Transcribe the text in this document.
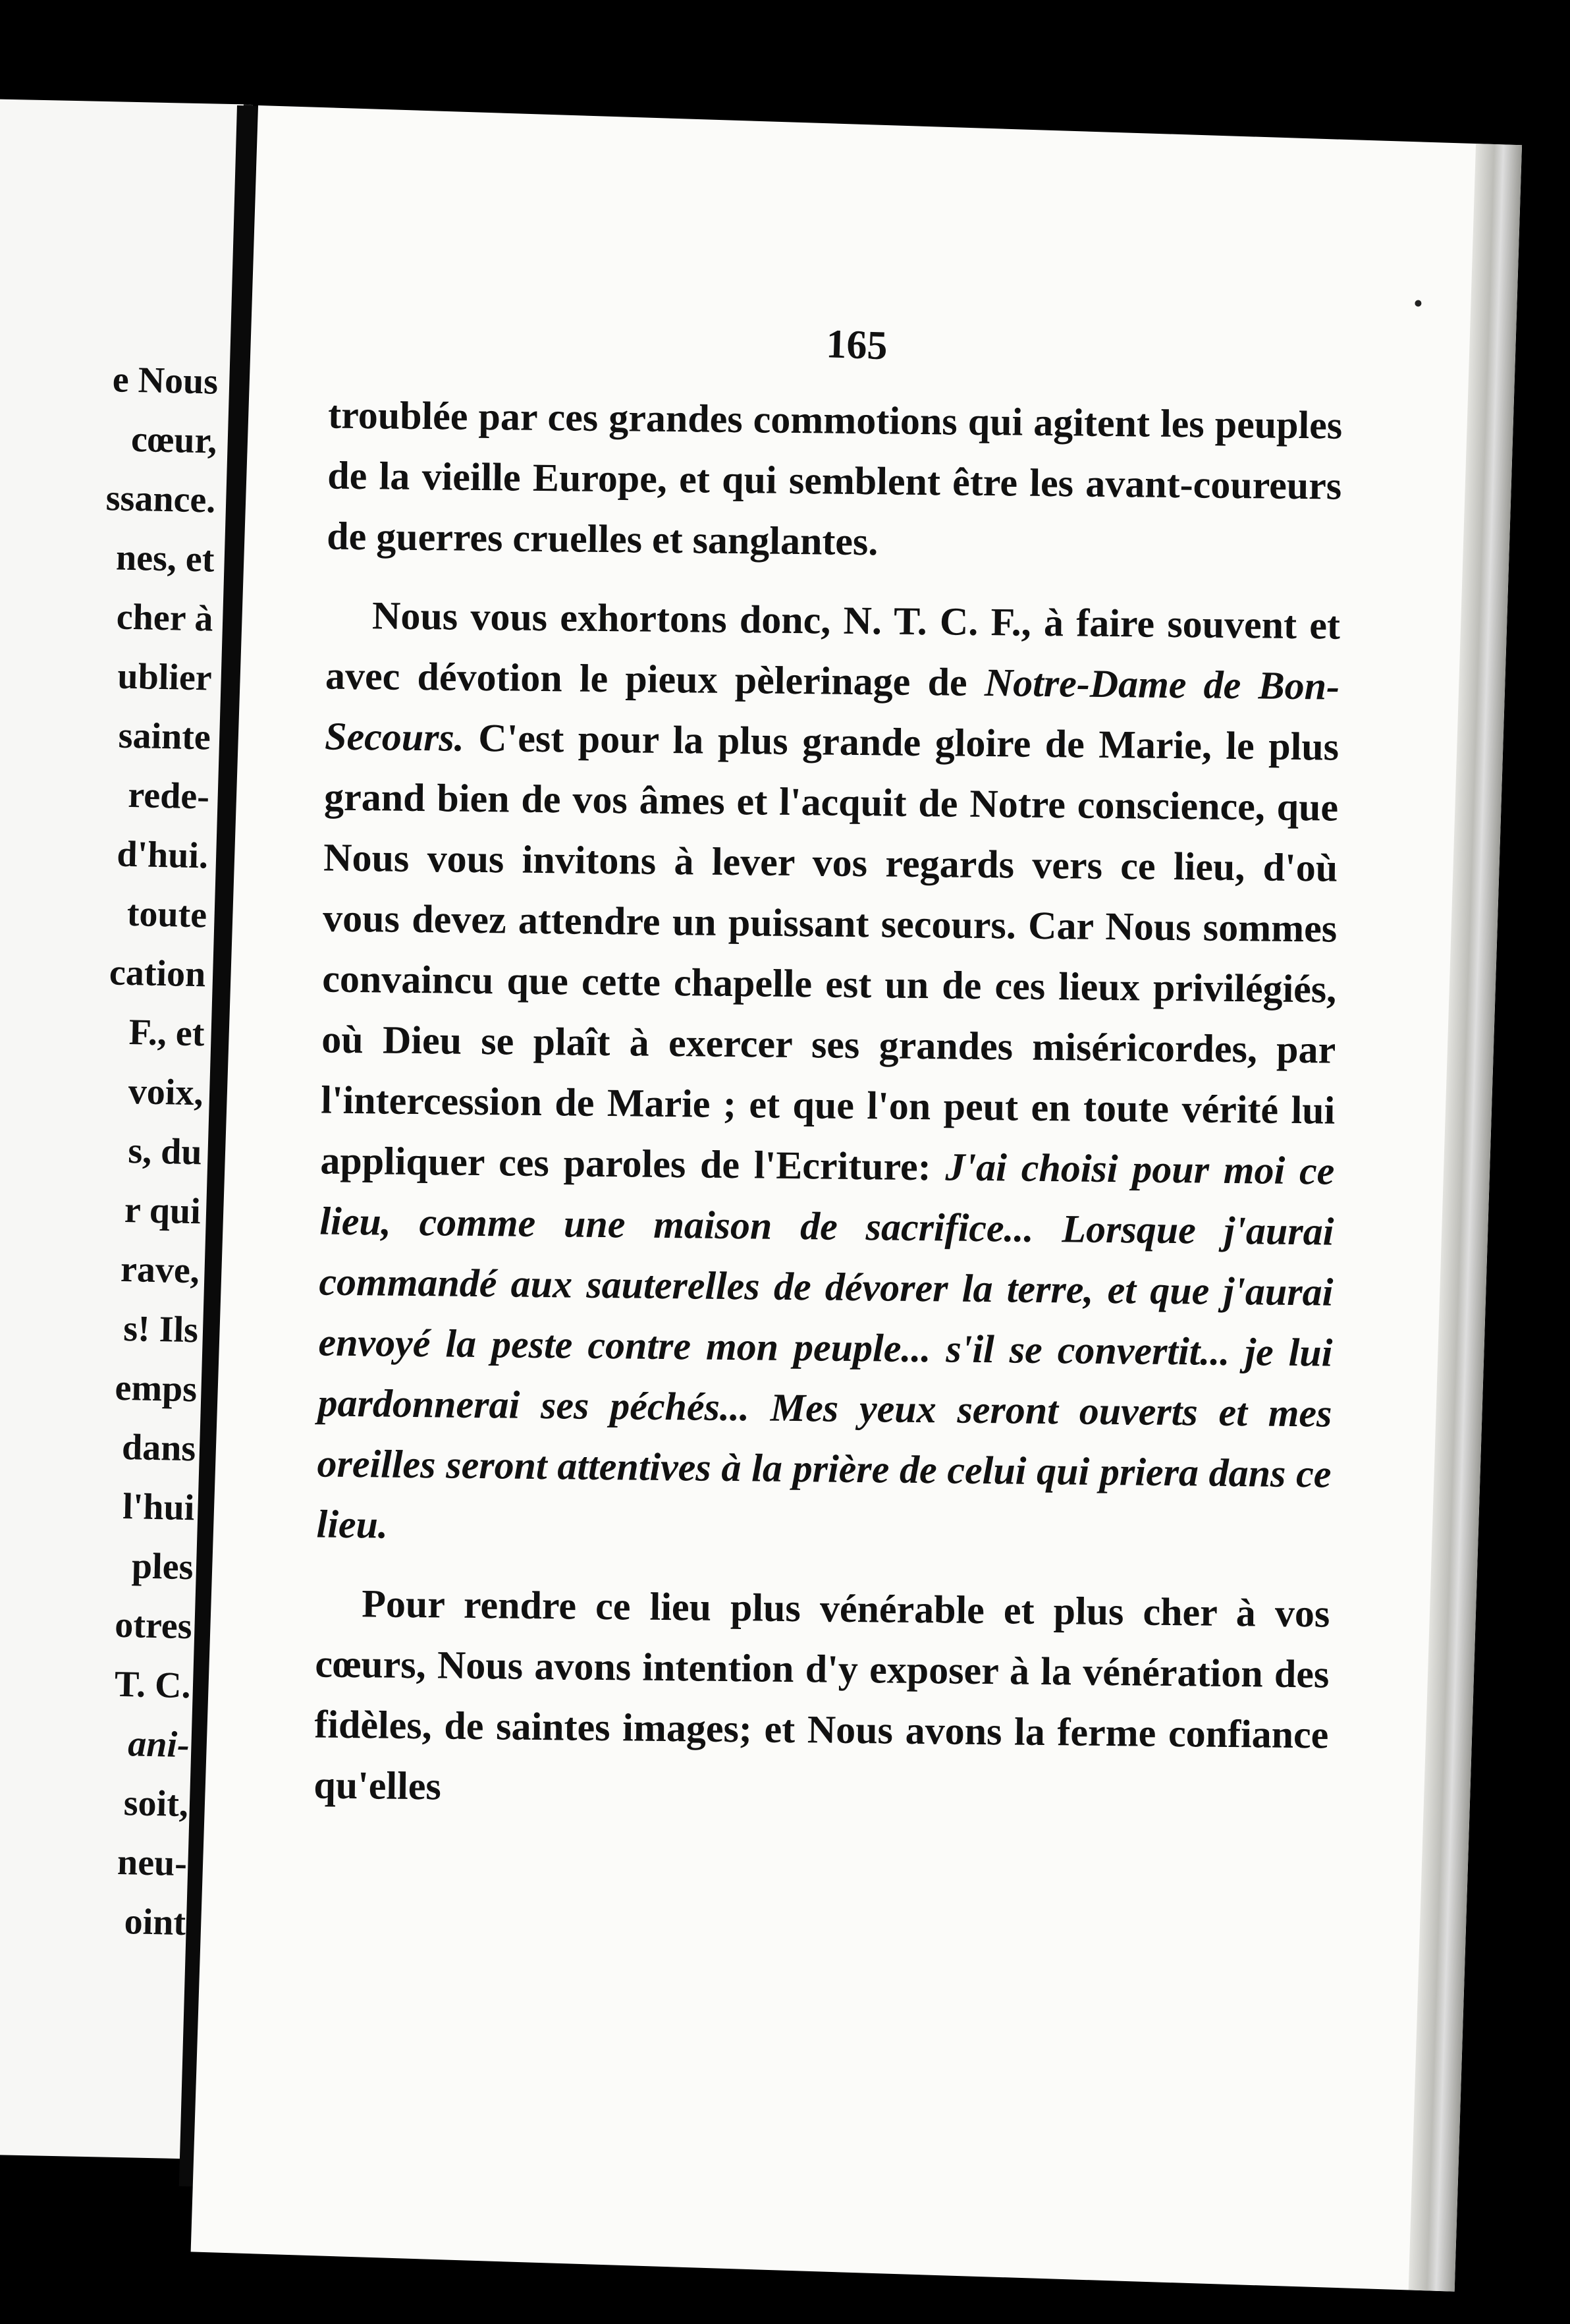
e Nous
cœur,
ssance.
nes, et
cher à
ublier
sainte
rede-
d'hui.
toute
cation
F., et
voix,
s, du
r qui
rave,
s! Ils
emps
dans
l'hui
ples
otres
T. C.
ani-
soit,
neu-
oint
165

troublée par ces grandes commotions qui agitent les peuples de la vieille Europe, et qui semblent être les avant-coureurs de guerres cruelles et sanglantes.

Nous vous exhortons donc, N. T. C. F., à faire souvent et avec dévotion le pieux pèlerinage de Notre-Dame de Bon-Secours. C'est pour la plus grande gloire de Marie, le plus grand bien de vos âmes et l'acquit de Notre conscience, que Nous vous invitons à lever vos regards vers ce lieu, d'où vous devez attendre un puissant secours. Car Nous sommes convaincu que cette chapelle est un de ces lieux privilégiés, où Dieu se plaît à exercer ses grandes miséricordes, par l'intercession de Marie ; et que l'on peut en toute vérité lui appliquer ces paroles de l'Ecriture: J'ai choisi pour moi ce lieu, comme une maison de sacrifice... Lorsque j'aurai commandé aux sauterelles de dévorer la terre, et que j'aurai envoyé la peste contre mon peuple... s'il se convertit... je lui pardonnerai ses péchés... Mes yeux seront ouverts et mes oreilles seront attentives à la prière de celui qui priera dans ce lieu.

Pour rendre ce lieu plus vénérable et plus cher à vos cœurs, Nous avons intention d'y exposer à la vénération des fidèles, de saintes images; et Nous avons la ferme confiance qu'elles
